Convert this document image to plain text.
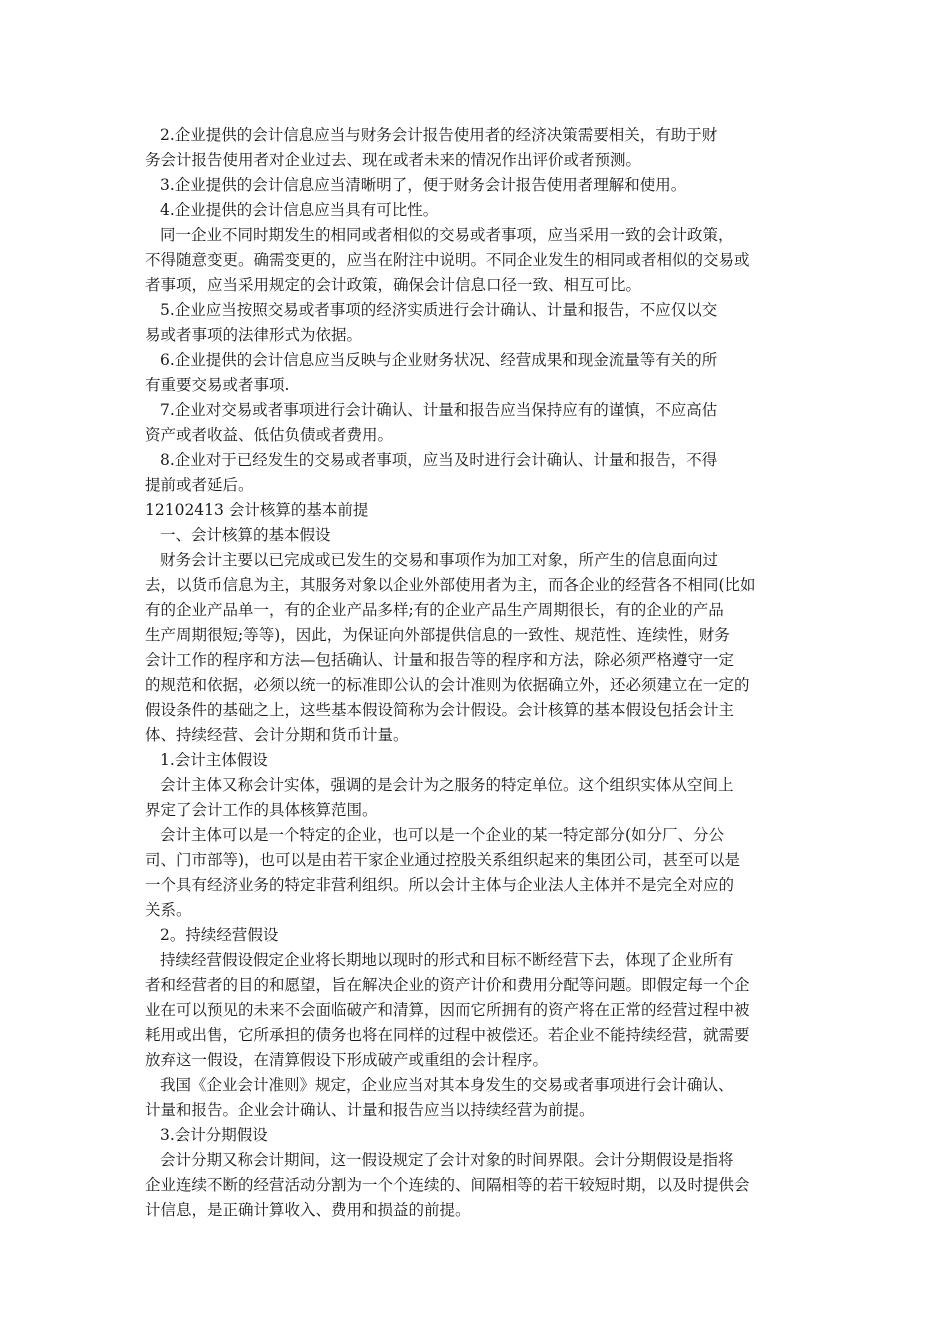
2.企业提供的会计信息应当与财务会计报告使用者的经济决策需要相关，有助于财
务会计报告使用者对企业过去、现在或者未来的情况作出评价或者预测。
3.企业提供的会计信息应当清晰明了，便于财务会计报告使用者理解和使用。
4.企业提供的会计信息应当具有可比性。
同一企业不同时期发生的相同或者相似的交易或者事项，应当采用一致的会计政策，
不得随意变更。确需变更的，应当在附注中说明。不同企业发生的相同或者相似的交易或
者事项，应当采用规定的会计政策，确保会计信息口径一致、相互可比。
5.企业应当按照交易或者事项的经济实质进行会计确认、计量和报告，不应仅以交
易或者事项的法律形式为依据。
6.企业提供的会计信息应当反映与企业财务状况、经营成果和现金流量等有关的所
有重要交易或者事项.
7.企业对交易或者事项进行会计确认、计量和报告应当保持应有的谨慎，不应高估
资产或者收益、低估负债或者费用。
8.企业对于已经发生的交易或者事项，应当及时进行会计确认、计量和报告，不得
提前或者延后。
12102413 会计核算的基本前提
一、会计核算的基本假设
财务会计主要以已完成或已发生的交易和事项作为加工对象，所产生的信息面向过
去，以货币信息为主，其服务对象以企业外部使用者为主，而各企业的经营各不相同(比如
有的企业产品单一，有的企业产品多样;有的企业产品生产周期很长，有的企业的产品
生产周期很短;等等)，因此，为保证向外部提供信息的一致性、规范性、连续性，财务
会计工作的程序和方法—包括确认、计量和报告等的程序和方法，除必须严格遵守一定
的规范和依据，必须以统一的标准即公认的会计准则为依据确立外，还必须建立在一定的
假设条件的基础之上，这些基本假设简称为会计假设。会计核算的基本假设包括会计主
体、持续经营、会计分期和货币计量。
1.会计主体假设
会计主体又称会计实体，强调的是会计为之服务的特定单位。这个组织实体从空间上
界定了会计工作的具体核算范围。
会计主体可以是一个特定的企业，也可以是一个企业的某一特定部分(如分厂、分公
司、门市部等)，也可以是由若干家企业通过控股关系组织起来的集团公司，甚至可以是
一个具有经济业务的特定非营利组织。所以会计主体与企业法人主体并不是完全对应的
关系。
2。持续经营假设
持续经营假设假定企业将长期地以现时的形式和目标不断经营下去，体现了企业所有
者和经营者的目的和愿望，旨在解决企业的资产计价和费用分配等问题。即假定每一个企
业在可以预见的未来不会面临破产和清算，因而它所拥有的资产将在正常的经营过程中被
耗用或出售，它所承担的债务也将在同样的过程中被偿还。若企业不能持续经营，就需要
放弃这一假设，在清算假设下形成破产或重组的会计程序。
我国《企业会计准则》规定，企业应当对其本身发生的交易或者事项进行会计确认、
计量和报告。企业会计确认、计量和报告应当以持续经营为前提。
3.会计分期假设
会计分期又称会计期间，这一假设规定了会计对象的时间界限。会计分期假设是指将
企业连续不断的经营活动分割为一个个连续的、间隔相等的若干较短时期，以及时提供会
计信息，是正确计算收入、费用和损益的前提。
